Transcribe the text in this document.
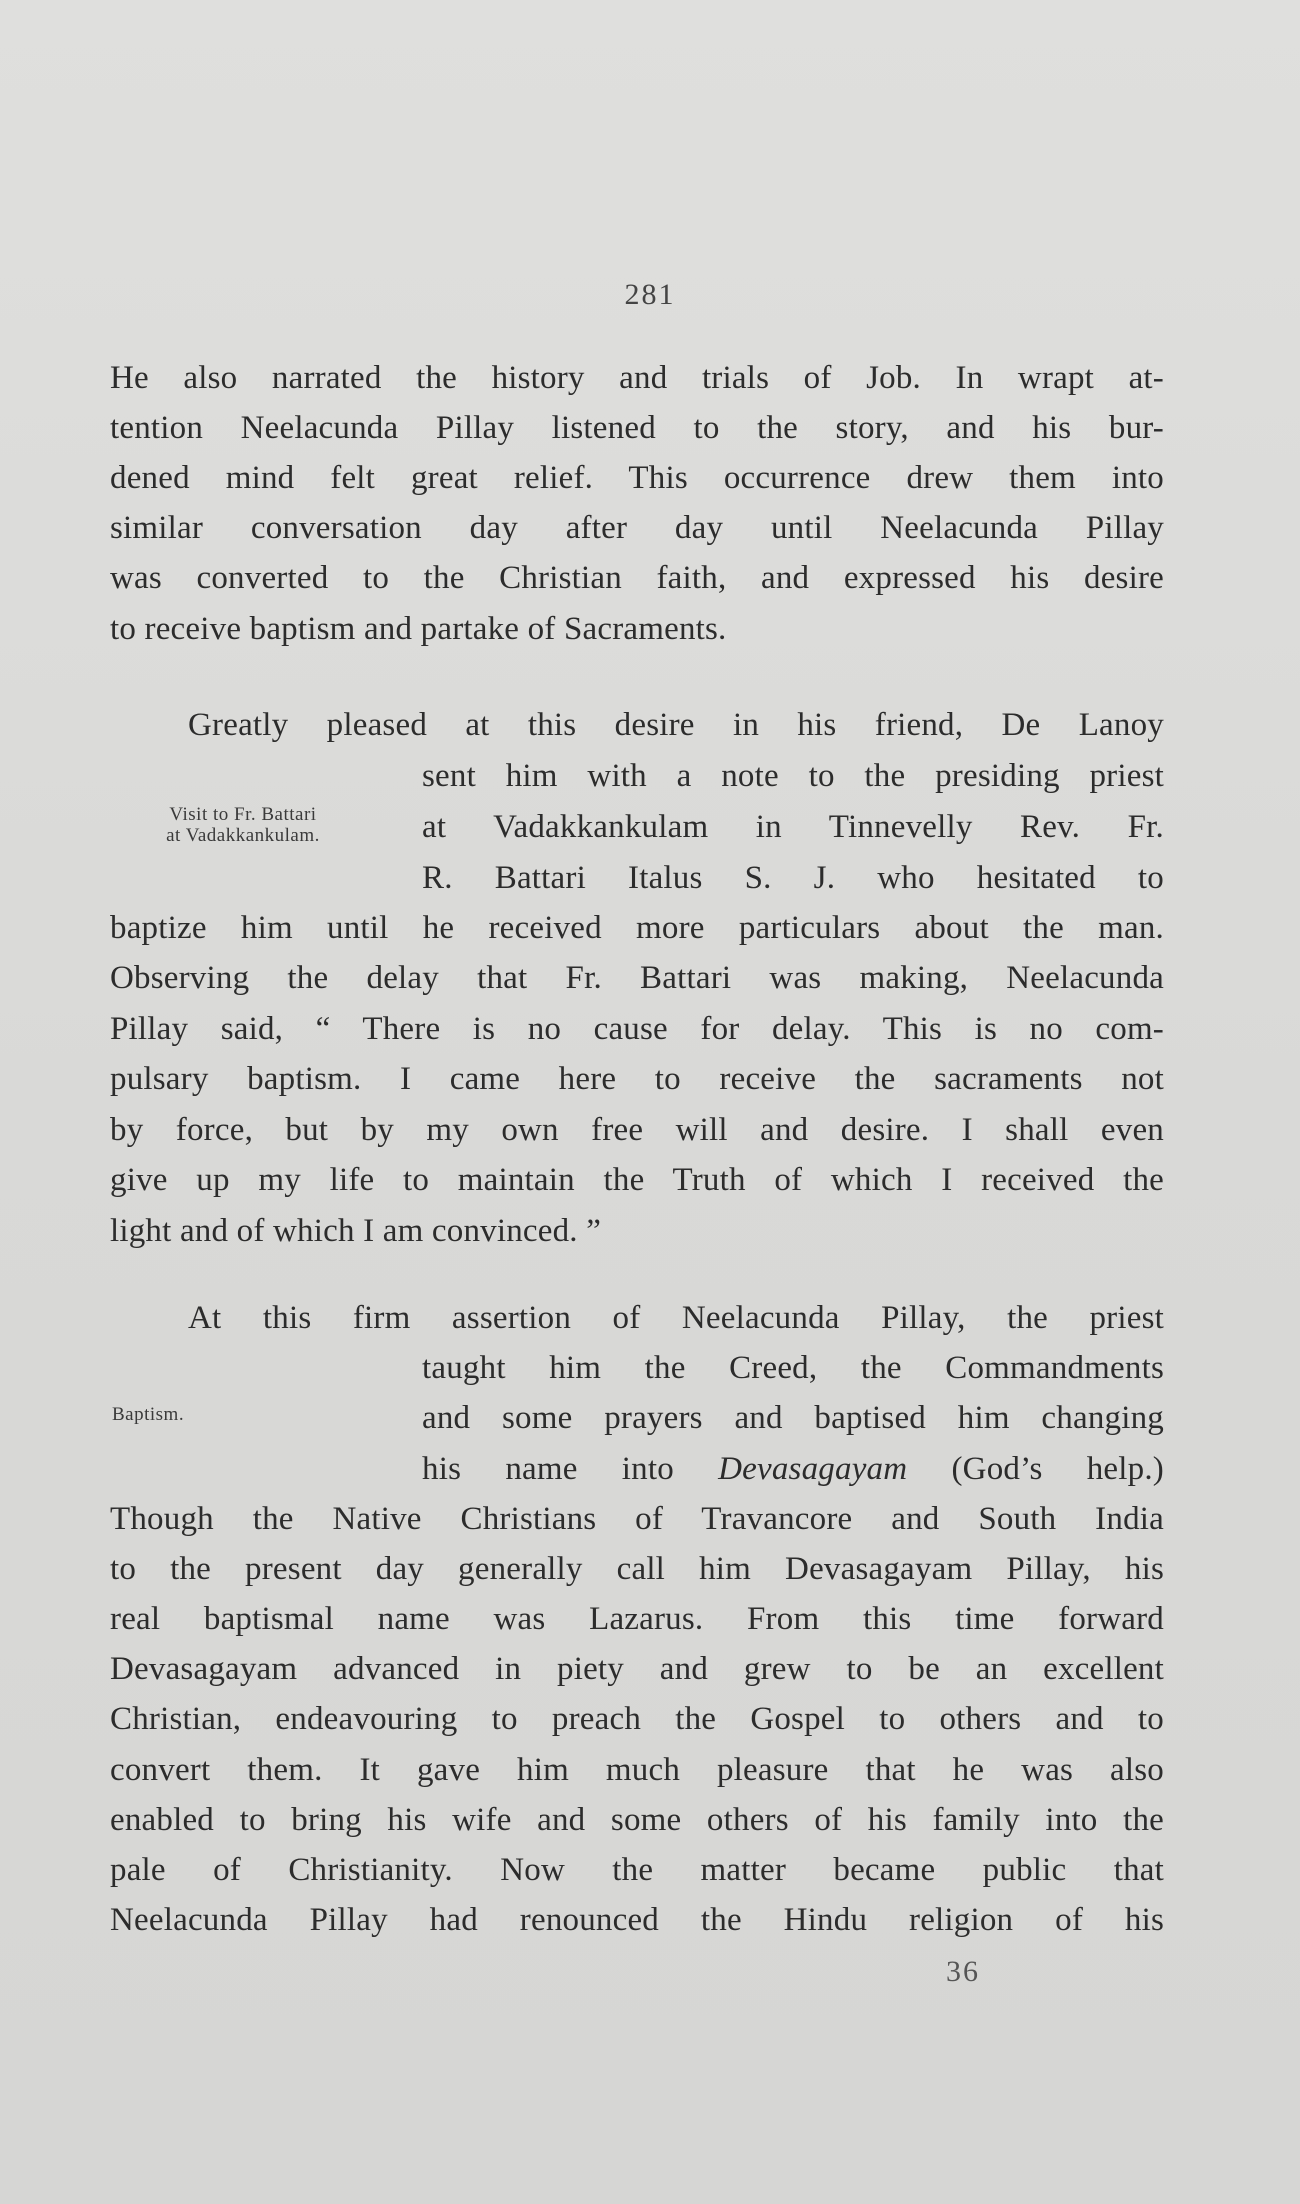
281
He also narrated the history and trials of Job. In wrapt at-
tention Neelacunda Pillay listened to the story, and his bur-
dened mind felt great relief. This occurrence drew them into
similar conversation day after day until Neelacunda Pillay
was converted to the Christian faith, and expressed his desire
to receive baptism and partake of Sacraments.
Greatly pleased at this desire in his friend, De Lanoy
sent him with a note to the presiding priest
at Vadakkankulam in Tinnevelly Rev. Fr.
R. Battari Italus S. J. who hesitated to
baptize him until he received more particulars about the man.
Observing the delay that Fr. Battari was making, Neelacunda
Pillay said, “ There is no cause for delay. This is no com-
pulsary baptism. I came here to receive the sacraments not
by force, but by my own free will and desire. I shall even
give up my life to maintain the Truth of which I received the
light and of which I am convinced. ”
Visit to Fr. Battari
at Vadakkankulam.
At this firm assertion of Neelacunda Pillay, the priest
taught him the Creed, the Commandments
and some prayers and baptised him changing
his name into Devasagayam (God’s help.)
Though the Native Christians of Travancore and South India
to the present day generally call him Devasagayam Pillay, his
real baptismal name was Lazarus. From this time forward
Devasagayam advanced in piety and grew to be an excellent
Christian, endeavouring to preach the Gospel to others and to
convert them. It gave him much pleasure that he was also
enabled to bring his wife and some others of his family into the
pale of Christianity. Now the matter became public that
Neelacunda Pillay had renounced the Hindu religion of his
Baptism.
36
